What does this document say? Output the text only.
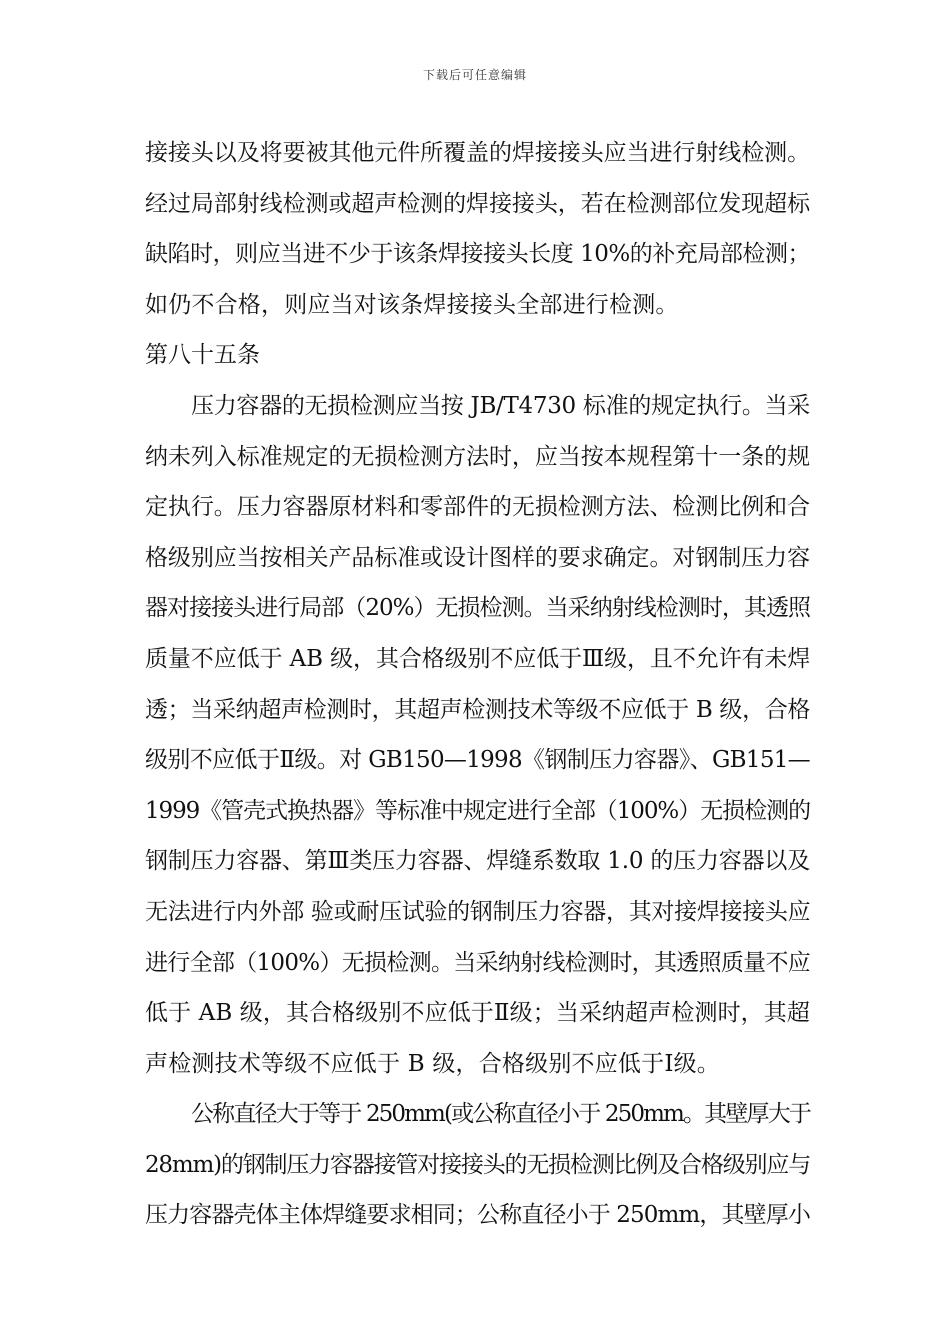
下载后可任意编辑
接接头以及将要被其他元件所覆盖的焊接接头应当进行射线检测。
经过局部射线检测或超声检测的焊接接头，若在检测部位发现超标
缺陷时，则应当进不少于该条焊接接头长度 10%的补充局部检测；
如仍不合格，则应当对该条焊接接头全部进行检测。
第八十五条
压力容器的无损检测应当按 JB/T4730 标准的规定执行。当采
纳未列入标准规定的无损检测方法时，应当按本规程第十一条的规
定执行。压力容器原材料和零部件的无损检测方法、检测比例和合
格级别应当按相关产品标准或设计图样的要求确定。对钢制压力容
器对接接头进行局部（20%）无损检测。当采纳射线检测时，其透照
质量不应低于 AB 级，其合格级别不应低于Ⅲ级，且不允许有未焊
透；当采纳超声检测时，其超声检测技术等级不应低于 B 级，合格
级别不应低于Ⅱ级。对 GB150—1998《钢制压力容器》、GB151—
1999《管壳式换热器》等标准中规定进行全部（100%）无损检测的
钢制压力容器、第Ⅲ类压力容器、焊缝系数取 1.0 的压力容器以及
无法进行内外部 验或耐压试验的钢制压力容器，其对接焊接接头应
进行全部（100%）无损检测。当采纳射线检测时，其透照质量不应
低于 AB 级，其合格级别不应低于Ⅱ级；当采纳超声检测时，其超
声检测技术等级不应低于 B 级，合格级别不应低于Ⅰ级。
公称直径大于等于 250mm(或公称直径小于 250mm。其壁厚大于
28mm)的钢制压力容器接管对接接头的无损检测比例及合格级别应与
压力容器壳体主体焊缝要求相同；公称直径小于 250mm，其壁厚小
